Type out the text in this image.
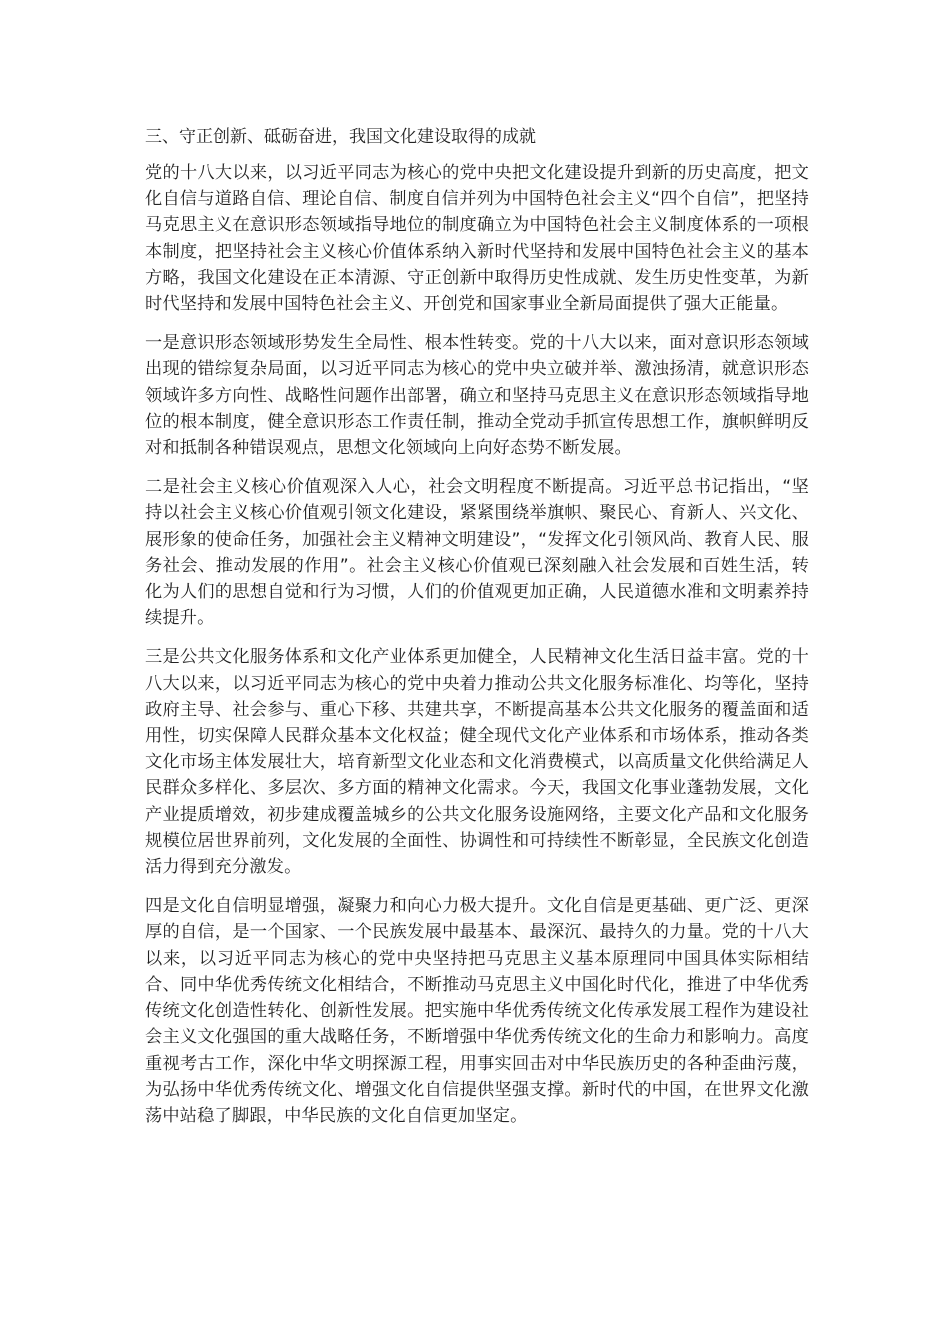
三、守正创新、砥砺奋进，我国文化建设取得的成就

党的十八大以来，以习近平同志为核心的党中央把文化建设提升到新的历史高度，把文化自信与道路自信、理论自信、制度自信并列为中国特色社会主义“四个自信”，把坚持马克思主义在意识形态领域指导地位的制度确立为中国特色社会主义制度体系的一项根本制度，把坚持社会主义核心价值体系纳入新时代坚持和发展中国特色社会主义的基本方略，我国文化建设在正本清源、守正创新中取得历史性成就、发生历史性变革，为新时代坚持和发展中国特色社会主义、开创党和国家事业全新局面提供了强大正能量。

一是意识形态领域形势发生全局性、根本性转变。党的十八大以来，面对意识形态领域出现的错综复杂局面，以习近平同志为核心的党中央立破并举、激浊扬清，就意识形态领域许多方向性、战略性问题作出部署，确立和坚持马克思主义在意识形态领域指导地位的根本制度，健全意识形态工作责任制，推动全党动手抓宣传思想工作，旗帜鲜明反对和抵制各种错误观点，思想文化领域向上向好态势不断发展。

二是社会主义核心价值观深入人心，社会文明程度不断提高。习近平总书记指出，“坚持以社会主义核心价值观引领文化建设，紧紧围绕举旗帜、聚民心、育新人、兴文化、展形象的使命任务，加强社会主义精神文明建设”，“发挥文化引领风尚、教育人民、服务社会、推动发展的作用”。社会主义核心价值观已深刻融入社会发展和百姓生活，转化为人们的思想自觉和行为习惯，人们的价值观更加正确，人民道德水准和文明素养持续提升。

三是公共文化服务体系和文化产业体系更加健全，人民精神文化生活日益丰富。党的十八大以来，以习近平同志为核心的党中央着力推动公共文化服务标准化、均等化，坚持政府主导、社会参与、重心下移、共建共享，不断提高基本公共文化服务的覆盖面和适用性，切实保障人民群众基本文化权益；健全现代文化产业体系和市场体系，推动各类文化市场主体发展壮大，培育新型文化业态和文化消费模式，以高质量文化供给满足人民群众多样化、多层次、多方面的精神文化需求。今天，我国文化事业蓬勃发展，文化产业提质增效，初步建成覆盖城乡的公共文化服务设施网络，主要文化产品和文化服务规模位居世界前列，文化发展的全面性、协调性和可持续性不断彰显，全民族文化创造活力得到充分激发。

四是文化自信明显增强，凝聚力和向心力极大提升。文化自信是更基础、更广泛、更深厚的自信，是一个国家、一个民族发展中最基本、最深沉、最持久的力量。党的十八大以来，以习近平同志为核心的党中央坚持把马克思主义基本原理同中国具体实际相结合、同中华优秀传统文化相结合，不断推动马克思主义中国化时代化，推进了中华优秀传统文化创造性转化、创新性发展。把实施中华优秀传统文化传承发展工程作为建设社会主义文化强国的重大战略任务，不断增强中华优秀传统文化的生命力和影响力。高度重视考古工作，深化中华文明探源工程，用事实回击对中华民族历史的各种歪曲污蔑，为弘扬中华优秀传统文化、增强文化自信提供坚强支撑。新时代的中国，在世界文化激荡中站稳了脚跟，中华民族的文化自信更加坚定。
